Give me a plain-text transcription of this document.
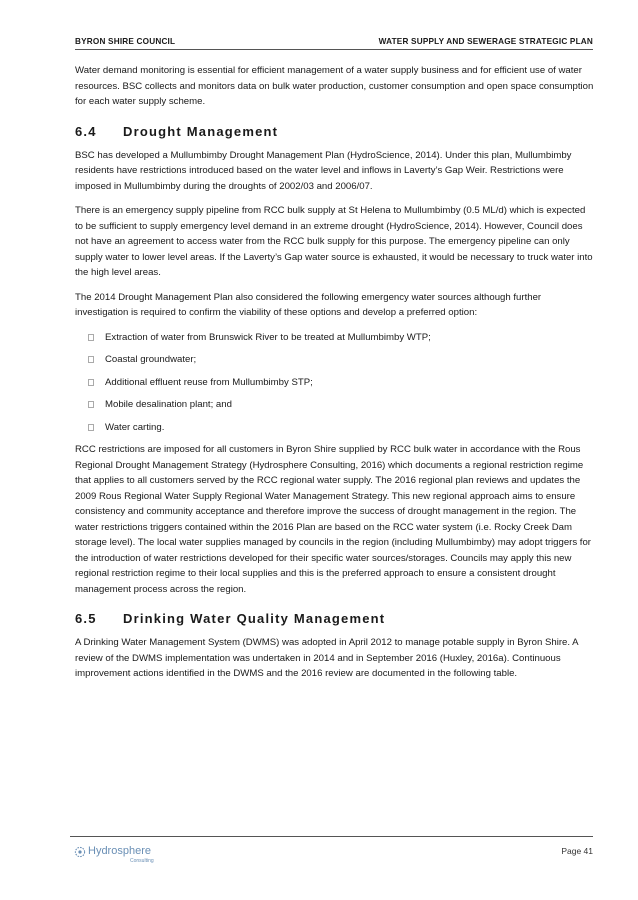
BYRON SHIRE COUNCIL	WATER SUPPLY AND SEWERAGE STRATEGIC PLAN

Water demand monitoring is essential for efficient management of a water supply business and for efficient use of water resources. BSC collects and monitors data on bulk water production, customer consumption and open space consumption for each water supply scheme.

6.4 Drought Management

BSC has developed a Mullumbimby Drought Management Plan (HydroScience, 2014). Under this plan, Mullumbimby residents have restrictions introduced based on the water level and inflows in Laverty’s Gap Weir. Restrictions were imposed in Mullumbimby during the droughts of 2002/03 and 2006/07.

There is an emergency supply pipeline from RCC bulk supply at St Helena to Mullumbimby (0.5 ML/d) which is expected to be sufficient to supply emergency level demand in an extreme drought (HydroScience, 2014). However, Council does not have an agreement to access water from the RCC bulk supply for this purpose. The emergency pipeline can only supply water to lower level areas. If the Laverty’s Gap water source is exhausted, it would be necessary to truck water into the high level areas.

The 2014 Drought Management Plan also considered the following emergency water sources although further investigation is required to confirm the viability of these options and develop a preferred option:

Extraction of water from Brunswick River to be treated at Mullumbimby WTP;
Coastal groundwater;
Additional effluent reuse from Mullumbimby STP;
Mobile desalination plant; and
Water carting.

RCC restrictions are imposed for all customers in Byron Shire supplied by RCC bulk water in accordance with the Rous Regional Drought Management Strategy (Hydrosphere Consulting, 2016) which documents a regional restriction regime that applies to all customers served by the RCC regional water supply. The 2016 regional plan reviews and updates the 2009 Rous Regional Water Supply Regional Water Management Strategy. This new regional approach aims to ensure consistency and community acceptance and therefore improve the success of drought management in the region. The water restrictions triggers contained within the 2016 Plan are based on the RCC water system (i.e. Rocky Creek Dam storage level). The local water supplies managed by councils in the region (including Mullumbimby) may adopt triggers for the introduction of water restrictions developed for their specific water sources/storages. Councils may apply this new regional restriction regime to their local supplies and this is the preferred approach to ensure a consistent drought management process across the region.

6.5 Drinking Water Quality Management

A Drinking Water Management System (DWMS) was adopted in April 2012 to manage potable supply in Byron Shire. A review of the DWMS implementation was undertaken in 2014 and in September 2016 (Huxley, 2016a). Continuous improvement actions identified in the DWMS and the 2016 review are documented in the following table.

Hydrosphere
Consulting
Page 41
